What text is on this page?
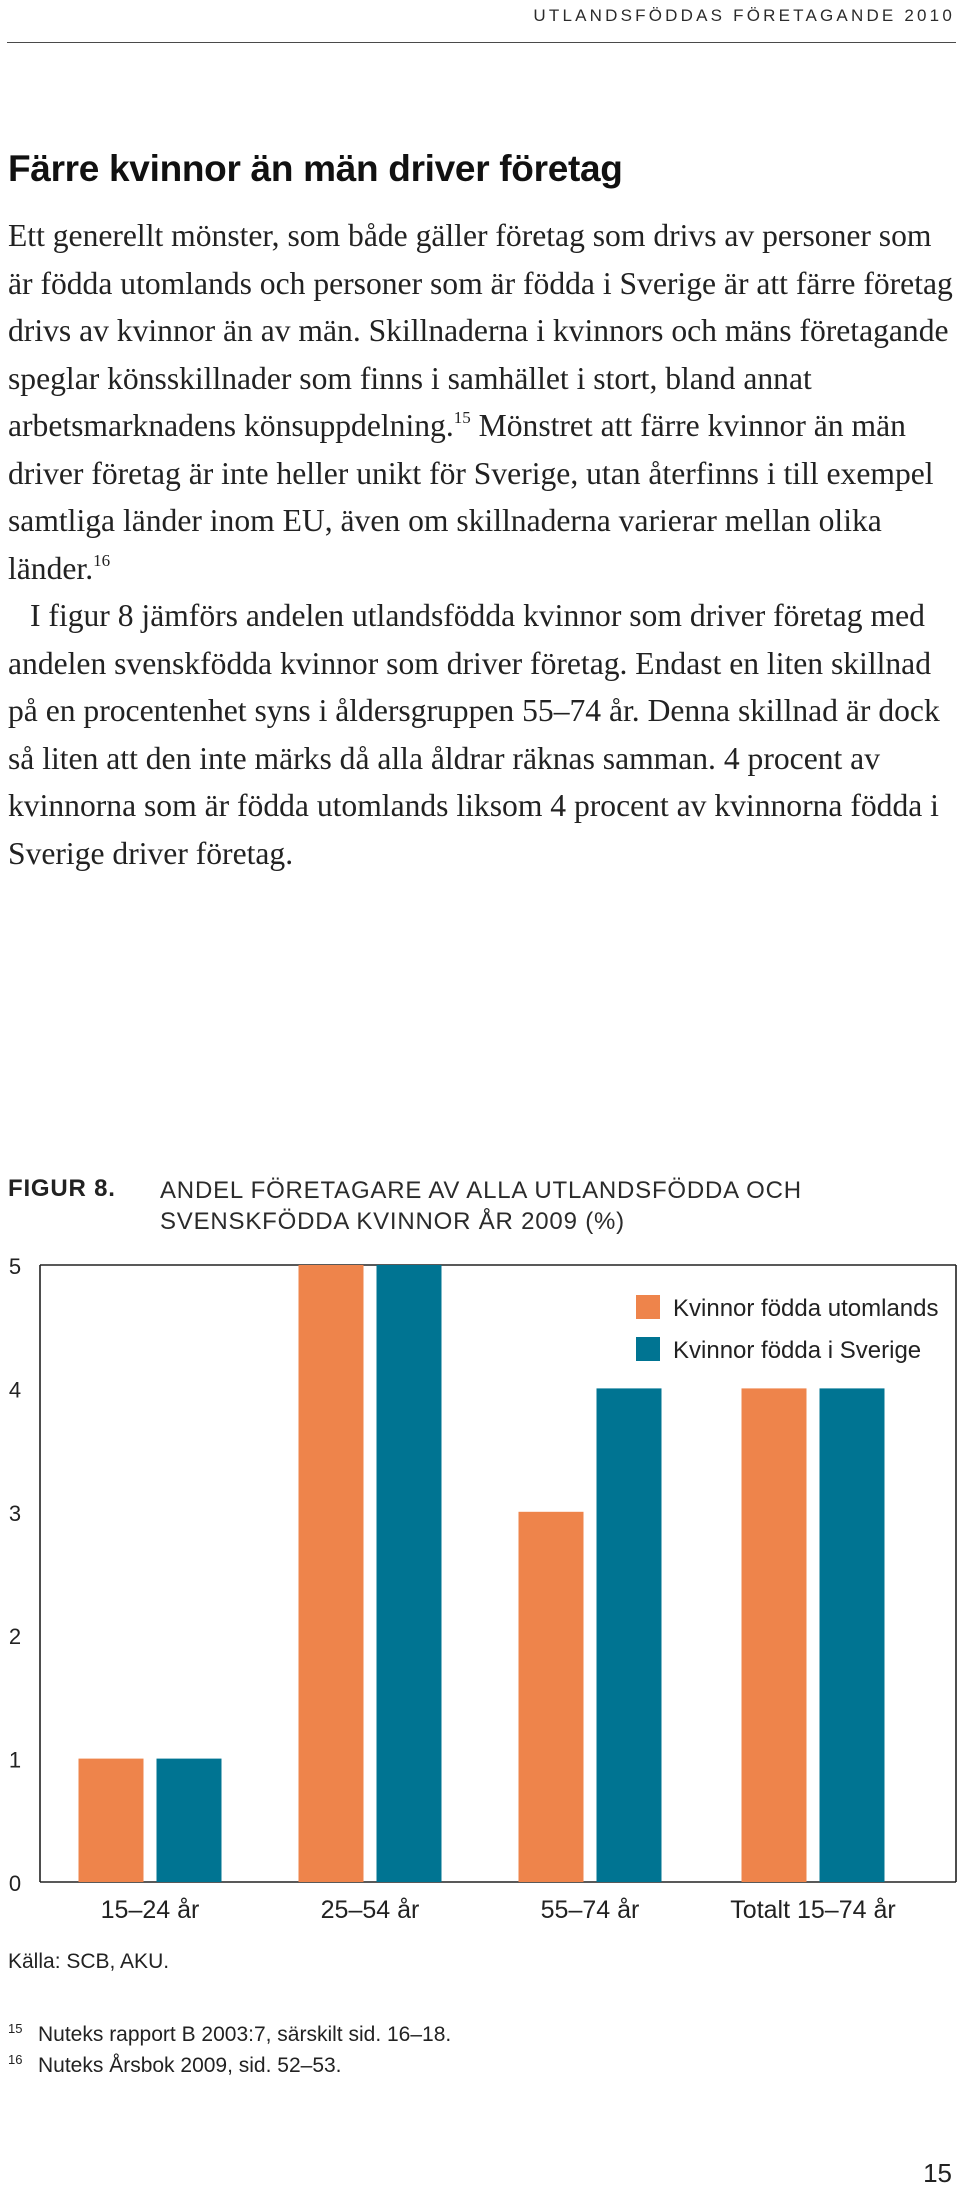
UTLANDSFÖDDAS FÖRETAGANDE 2010
Färre kvinnor än män driver företag

Ett generellt mönster, som både gäller företag som drivs av personer som är födda utomlands och personer som är födda i Sverige är att färre företag drivs av kvinnor än av män. Skillnaderna i kvinnors och mäns företagande speglar könsskillnader som finns i samhället i stort, bland annat arbetsmarknadens könsuppdelning.$^{15}$ Mönstret att färre kvinnor än män driver företag är inte heller unikt för Sverige, utan återfinns i till exempel samtliga länder inom EU, även om skillnaderna varierar mellan olika länder.$^{16}$

I figur 8 jämförs andelen utlandsfödda kvinnor som driver företag med andelen svenskfödda kvinnor som driver företag. Endast en liten skillnad på en procentenhet syns i åldersgruppen 55–74 år. Denna skillnad är dock så liten att den inte märks då alla åldrar räknas samman. 4 procent av kvinnorna som är födda utomlands liksom 4 procent av kvinnorna födda i Sverige driver företag.

FIGUR 8. ANDEL FÖRETAGARE AV ALLA UTLANDSFÖDDA OCH SVENSKFÖDDA KVINNOR ÅR 2009 (%)
0
1
2
3
4
5
15–24 år	25–54 år	55–74 år	Totalt 15–74 år
Kvinnor födda utomlands
Kvinnor födda i Sverige
Källa: SCB, AKU.
15 Nuteks rapport B 2003:7, särskilt sid. 16–18.
16 Nuteks Årsbok 2009, sid. 52–53.
15
